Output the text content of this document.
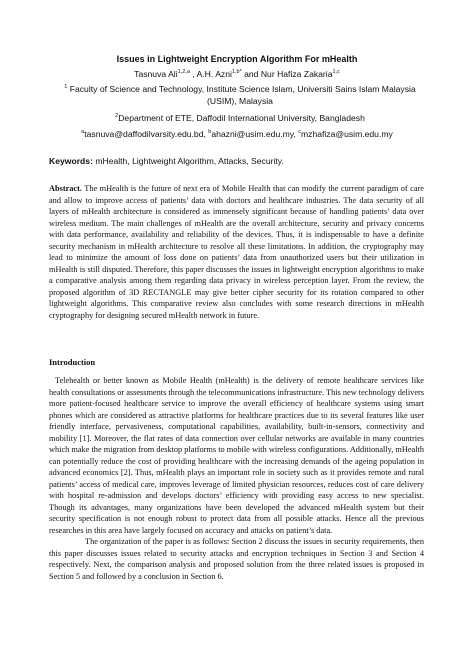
Issues in Lightweight Encryption Algorithm For mHealth
Tasnuva Ali$^{1,2,a}$ , A.H. Azni$^{1,b*}$ and Nur Hafiza Zakaria$^{1,c}$
$^1$ Faculty of Science and Technology, Institute Science Islam, Universiti Sains Islam Malaysia (USIM), Malaysia
$^2$Department of ETE, Daffodil International University, Bangladesh
$^a$tasnuva@daffodilvarsity.edu.bd, $^b$ahazni@usim.edu.my, $^c$mzhafiza@usim.edu.my
Keywords: mHealth, Lightweight Algorithm, Attacks, Security.
Abstract. The mHealth is the future of next era of Mobile Health that can modify the current paradigm of care and allow to improve access of patients’ data with doctors and healthcare industries. The data security of all layers of mHealth architecture is considered as immensely significant because of handling patients’ data over wireless medium. The main challenges of mHealth are the overall architecture, security and privacy concerns with data performance, availability and reliability of the devices. Thus, it is indispensable to have a definite security mechanism in mHealth architecture to resolve all these limitations. In addition, the cryptography may lead to minimize the amount of loss done on patients’ data from unauthorized users but their utilization in mHealth is still disputed. Therefore, this paper discusses the issues in lightweight encryption algorithms to make a comparative analysis among them regarding data privacy in wireless perception layer. From the review, the proposed algorithm of 3D RECTANGLE may give better cipher security for its rotation compared to other lightweight algorithms. This comparative review also concludes with some research directions in mHealth cryptography for designing secured mHealth network in future.
Introduction

Telehealth or better known as Mobile Health (mHealth) is the delivery of remote healthcare services like health consultations or assessments through the telecommunications infrastructure. This new technology delivers more patient-focused healthcare service to improve the overall efficiency of healthcare systems using smart phones which are considered as attractive platforms for healthcare practices due to its several features like user friendly interface, pervasiveness, computational capabilities, availability, built-in-sensors, connectivity and mobility [1]. Moreover, the flat rates of data connection over cellular networks are available in many countries which make the migration from desktop platforms to mobile with wireless configurations. Additionally, mHealth can potentially reduce the cost of providing healthcare with the increasing demands of the ageing population in advanced economics [2]. Thus, mHealth plays an important role in society such as it provides remote and rural patients’ access of medical care, improves leverage of limited physician resources, reduces cost of care delivery with hospital re-admission and develops doctors’ efficiency with providing easy access to new specialist. Though its advantages, many organizations have been developed the advanced mHealth system but their security specification is not enough robust to protect data from all possible attacks. Hence all the previous researches in this area have largely focused on accuracy and attacks on patient’s data.

The organization of the paper is as follows: Section 2 discuss the issues in security requirements, then this paper discusses issues related to security attacks and encryption techniques in Section 3 and Section 4 respectively. Next, the comparison analysis and proposed solution from the three related issues is proposed in Section 5 and followed by a conclusion in Section 6.
